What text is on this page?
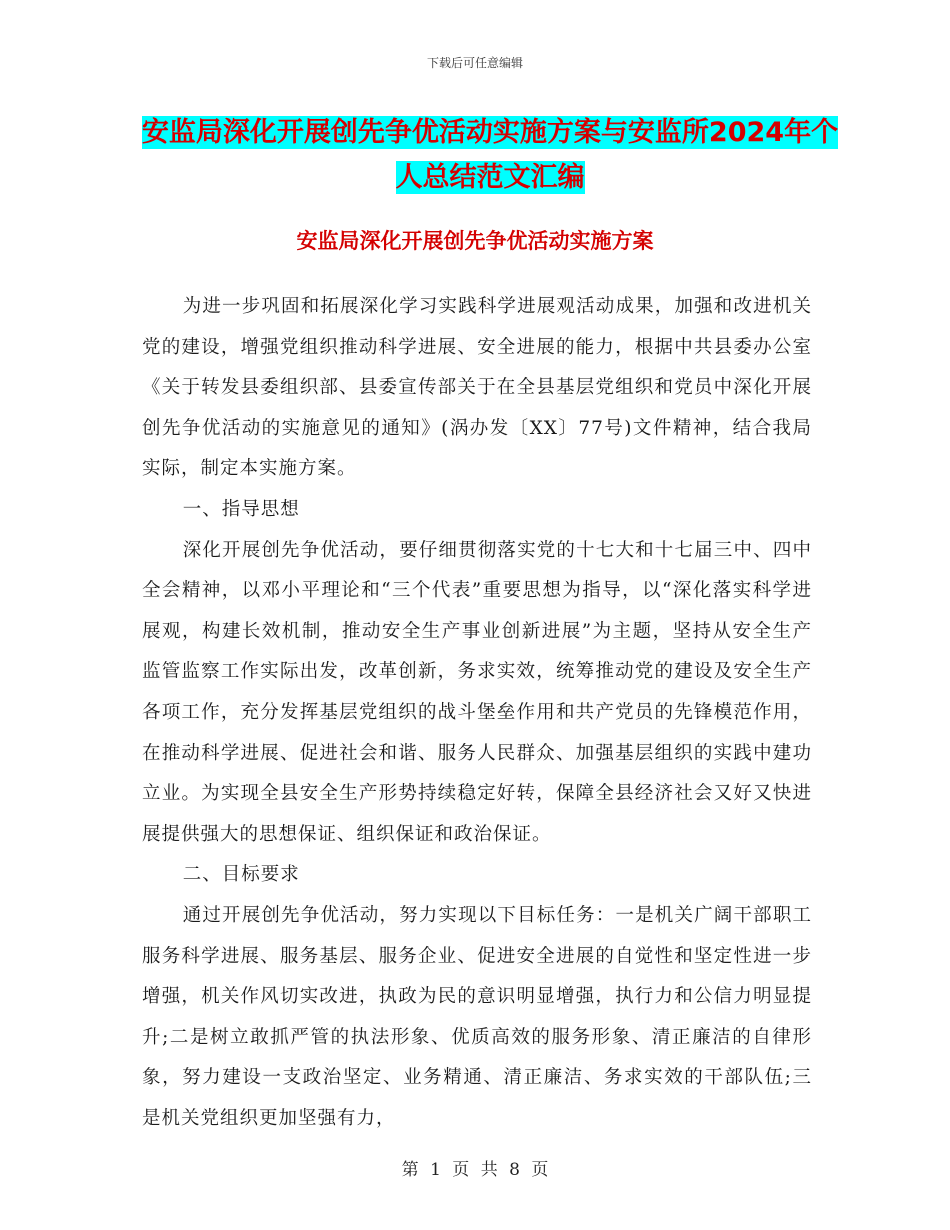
下载后可任意编辑
安监局深化开展创先争优活动实施方案与安监所2024年个人总结范文汇编
安监局深化开展创先争优活动实施方案

为进一步巩固和拓展深化学习实践科学进展观活动成果，加强和改进机关党的建设，增强党组织推动科学进展、安全进展的能力，根据中共县委办公室《关于转发县委组织部、县委宣传部关于在全县基层党组织和党员中深化开展创先争优活动的实施意见的通知》(涡办发〔XX〕77号)文件精神，结合我局实际，制定本实施方案。

一、指导思想

深化开展创先争优活动，要仔细贯彻落实党的十七大和十七届三中、四中全会精神，以邓小平理论和“三个代表”重要思想为指导，以“深化落实科学进展观，构建长效机制，推动安全生产事业创新进展”为主题，坚持从安全生产监管监察工作实际出发，改革创新，务求实效，统筹推动党的建设及安全生产各项工作，充分发挥基层党组织的战斗堡垒作用和共产党员的先锋模范作用，在推动科学进展、促进社会和谐、服务人民群众、加强基层组织的实践中建功立业。为实现全县安全生产形势持续稳定好转，保障全县经济社会又好又快进展提供强大的思想保证、组织保证和政治保证。

二、目标要求

通过开展创先争优活动，努力实现以下目标任务：一是机关广阔干部职工服务科学进展、服务基层、服务企业、促进安全进展的自觉性和坚定性进一步增强，机关作风切实改进，执政为民的意识明显增强，执行力和公信力明显提升;二是树立敢抓严管的执法形象、优质高效的服务形象、清正廉洁的自律形象，努力建设一支政治坚定、业务精通、清正廉洁、务求实效的干部队伍;三是机关党组织更加坚强有力，

第 1 页 共 8 页
